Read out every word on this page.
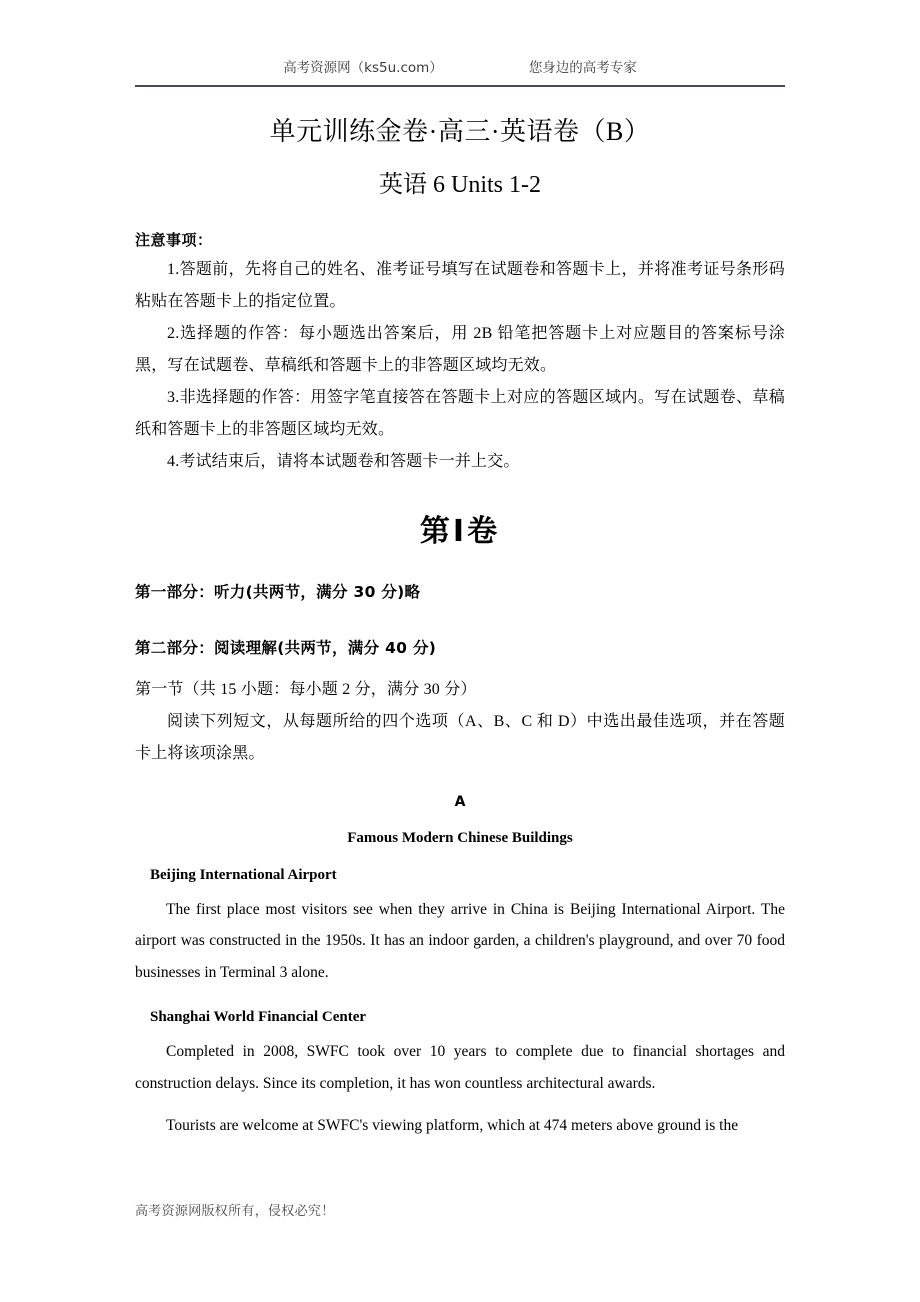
高考资源网（ks5u.com）	您身边的高考专家
单元训练金卷·高三·英语卷（B）
英语 6 Units 1-2
注意事项：

1.答题前，先将自己的姓名、准考证号填写在试题卷和答题卡上，并将准考证号条形码粘贴在答题卡上的指定位置。

2.选择题的作答：每小题选出答案后，用 2B 铅笔把答题卡上对应题目的答案标号涂黑，写在试题卷、草稿纸和答题卡上的非答题区域均无效。

3.非选择题的作答：用签字笔直接答在答题卡上对应的答题区域内。写在试题卷、草稿纸和答题卡上的非答题区域均无效。

4.考试结束后，请将本试题卷和答题卡一并上交。

第Ⅰ卷
第一部分：听力(共两节，满分 30 分)略
第二部分：阅读理解(共两节，满分 40 分)
第一节（共 15 小题：每小题 2 分，满分 30 分）

阅读下列短文，从每题所给的四个选项（A、B、C 和 D）中选出最佳选项，并在答题卡上将该项涂黑。

A
Famous Modern Chinese Buildings
Beijing International Airport

The first place most visitors see when they arrive in China is Beijing International Airport. The airport was constructed in the 1950s. It has an indoor garden, a children's playground, and over 70 food businesses in Terminal 3 alone.

Shanghai World Financial Center

Completed in 2008, SWFC took over 10 years to complete due to financial shortages and construction delays. Since its completion, it has won countless architectural awards.

Tourists are welcome at SWFC's viewing platform, which at 474 meters above ground is the

高考资源网版权所有，侵权必究！
